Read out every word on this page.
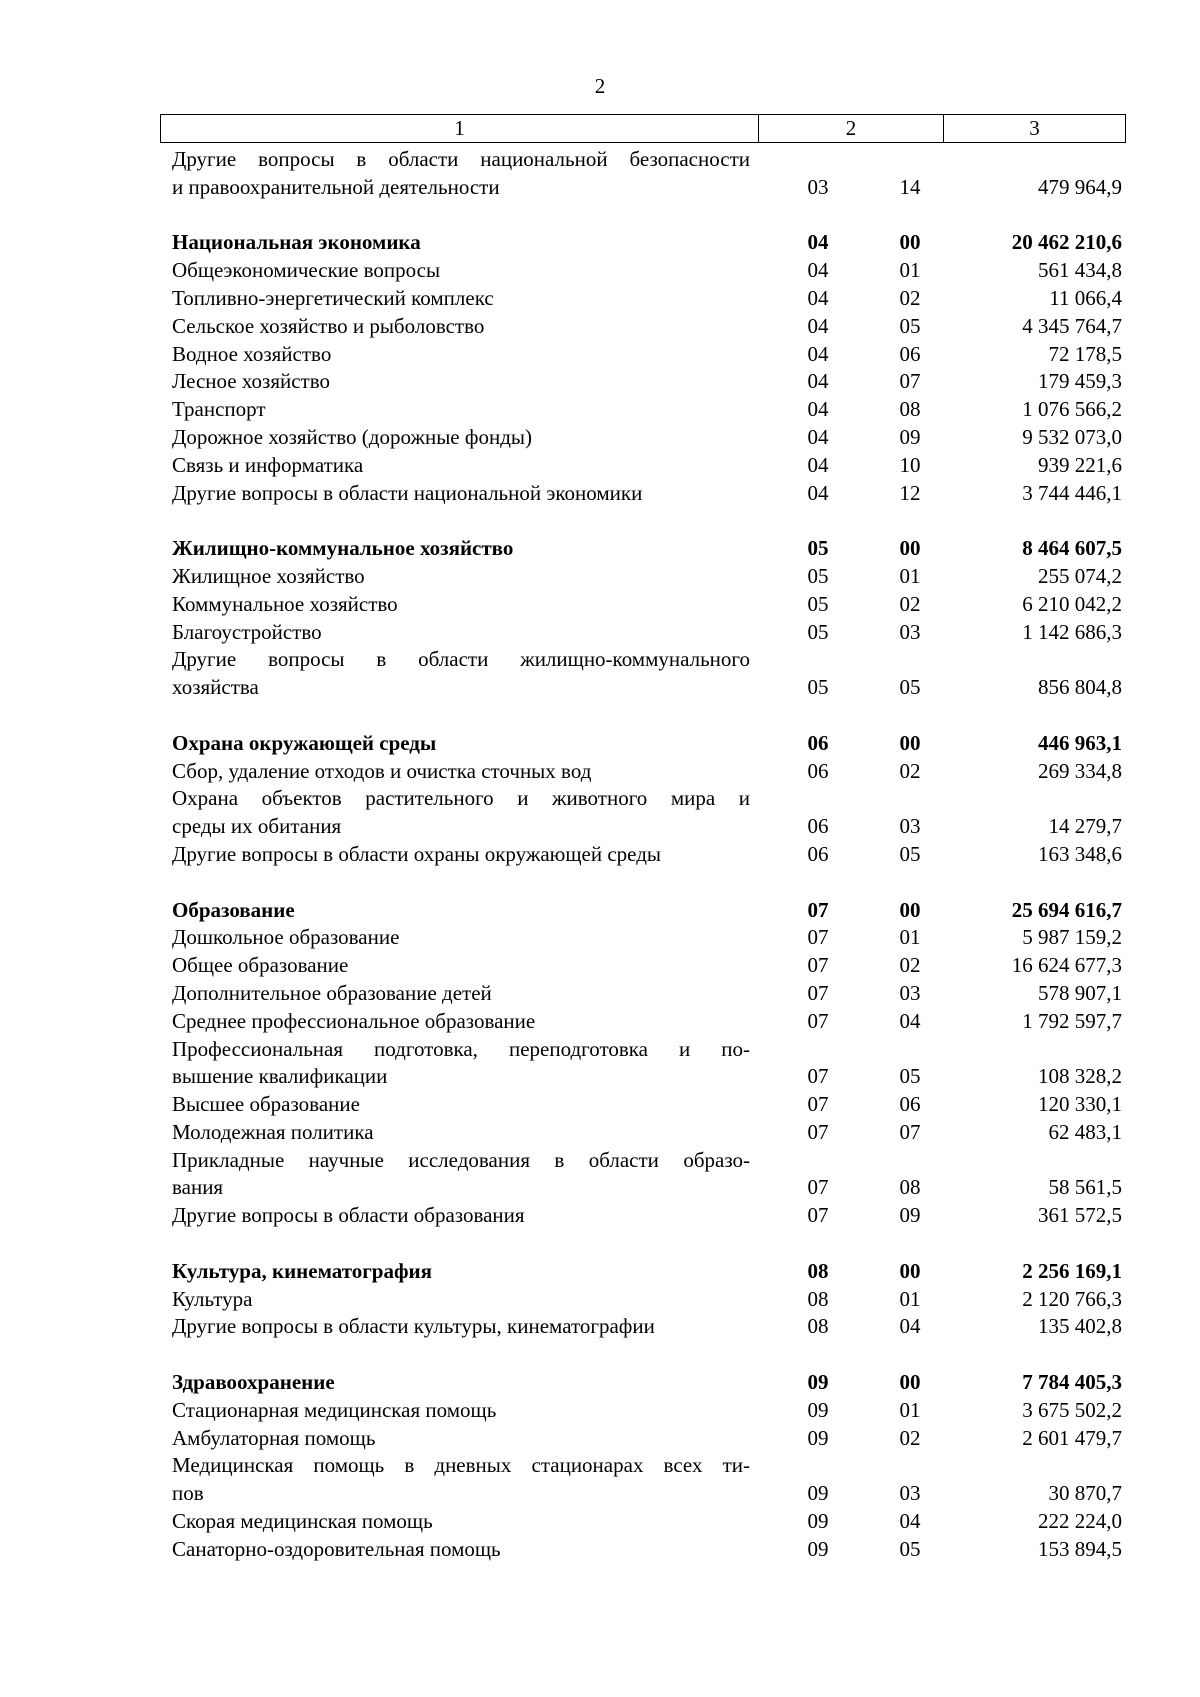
2
1	2	3
Другие вопросы в области национальной безопасности
и правоохранительной деятельности	03	14	479 964,9
Национальная экономика	04	00	20 462 210,6
Общеэкономические вопросы	04	01	561 434,8
Топливно-энергетический комплекс	04	02	11 066,4
Сельское хозяйство и рыболовство	04	05	4 345 764,7
Водное хозяйство	04	06	72 178,5
Лесное хозяйство	04	07	179 459,3
Транспорт	04	08	1 076 566,2
Дорожное хозяйство (дорожные фонды)	04	09	9 532 073,0
Связь и информатика	04	10	939 221,6
Другие вопросы в области национальной экономики	04	12	3 744 446,1
Жилищно-коммунальное хозяйство	05	00	8 464 607,5
Жилищное хозяйство	05	01	255 074,2
Коммунальное хозяйство	05	02	6 210 042,2
Благоустройство	05	03	1 142 686,3
Другие вопросы в области жилищно-коммунального
хозяйства	05	05	856 804,8
Охрана окружающей среды	06	00	446 963,1
Сбор, удаление отходов и очистка сточных вод	06	02	269 334,8
Охрана объектов растительного и животного мира и
среды их обитания	06	03	14 279,7
Другие вопросы в области охраны окружающей среды	06	05	163 348,6
Образование	07	00	25 694 616,7
Дошкольное образование	07	01	5 987 159,2
Общее образование	07	02	16 624 677,3
Дополнительное образование детей	07	03	578 907,1
Среднее профессиональное образование	07	04	1 792 597,7
Профессиональная подготовка, переподготовка и по-
вышение квалификации	07	05	108 328,2
Высшее образование	07	06	120 330,1
Молодежная политика	07	07	62 483,1
Прикладные научные исследования в области образо-
вания	07	08	58 561,5
Другие вопросы в области образования	07	09	361 572,5
Культура, кинематография	08	00	2 256 169,1
Культура	08	01	2 120 766,3
Другие вопросы в области культуры, кинематографии	08	04	135 402,8
Здравоохранение	09	00	7 784 405,3
Стационарная медицинская помощь	09	01	3 675 502,2
Амбулаторная помощь	09	02	2 601 479,7
Медицинская помощь в дневных стационарах всех ти-
пов	09	03	30 870,7
Скорая медицинская помощь	09	04	222 224,0
Санаторно-оздоровительная помощь	09	05	153 894,5
